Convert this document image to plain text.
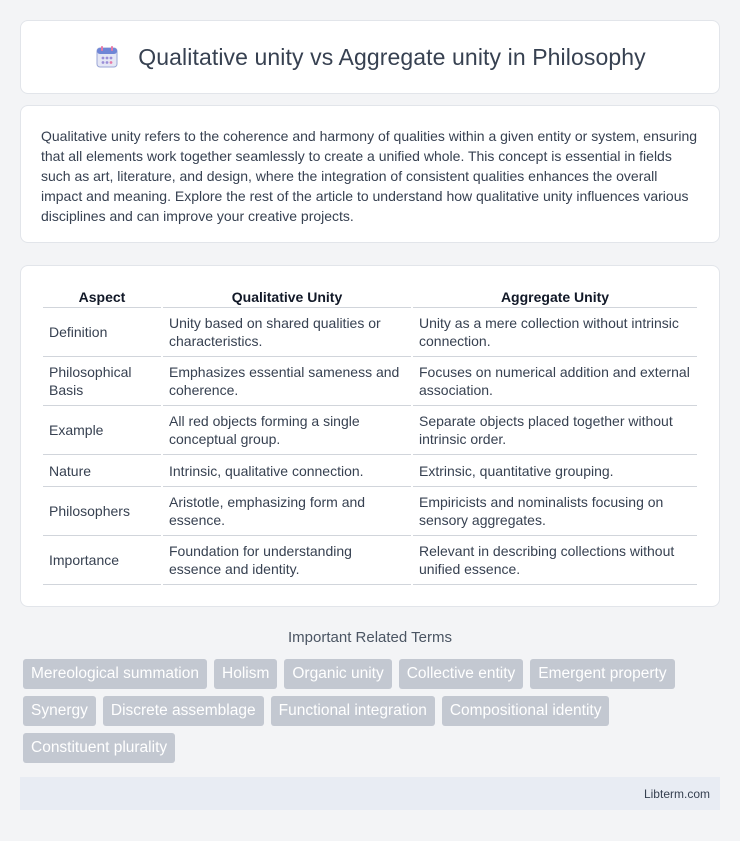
Qualitative unity vs Aggregate unity in Philosophy

Qualitative unity refers to the coherence and harmony of qualities within a given entity or system, ensuring that all elements work together seamlessly to create a unified whole. This concept is essential in fields such as art, literature, and design, where the integration of consistent qualities enhances the overall impact and meaning. Explore the rest of the article to understand how qualitative unity influences various disciplines and can improve your creative projects.

Aspect	Qualitative Unity	Aggregate Unity
Definition	Unity based on shared qualities or characteristics.	Unity as a mere collection without intrinsic connection.
Philosophical Basis	Emphasizes essential sameness and coherence.	Focuses on numerical addition and external association.
Example	All red objects forming a single conceptual group.	Separate objects placed together without intrinsic order.
Nature	Intrinsic, qualitative connection.	Extrinsic, quantitative grouping.
Philosophers	Aristotle, emphasizing form and essence.	Empiricists and nominalists focusing on sensory aggregates.
Importance	Foundation for understanding essence and identity.	Relevant in describing collections without unified essence.
Important Related Terms
Mereological summation	Holism	Organic unity	Collective entity	Emergent property
Synergy	Discrete assemblage	Functional integration	Compositional identity
Constituent plurality
Libterm.com
